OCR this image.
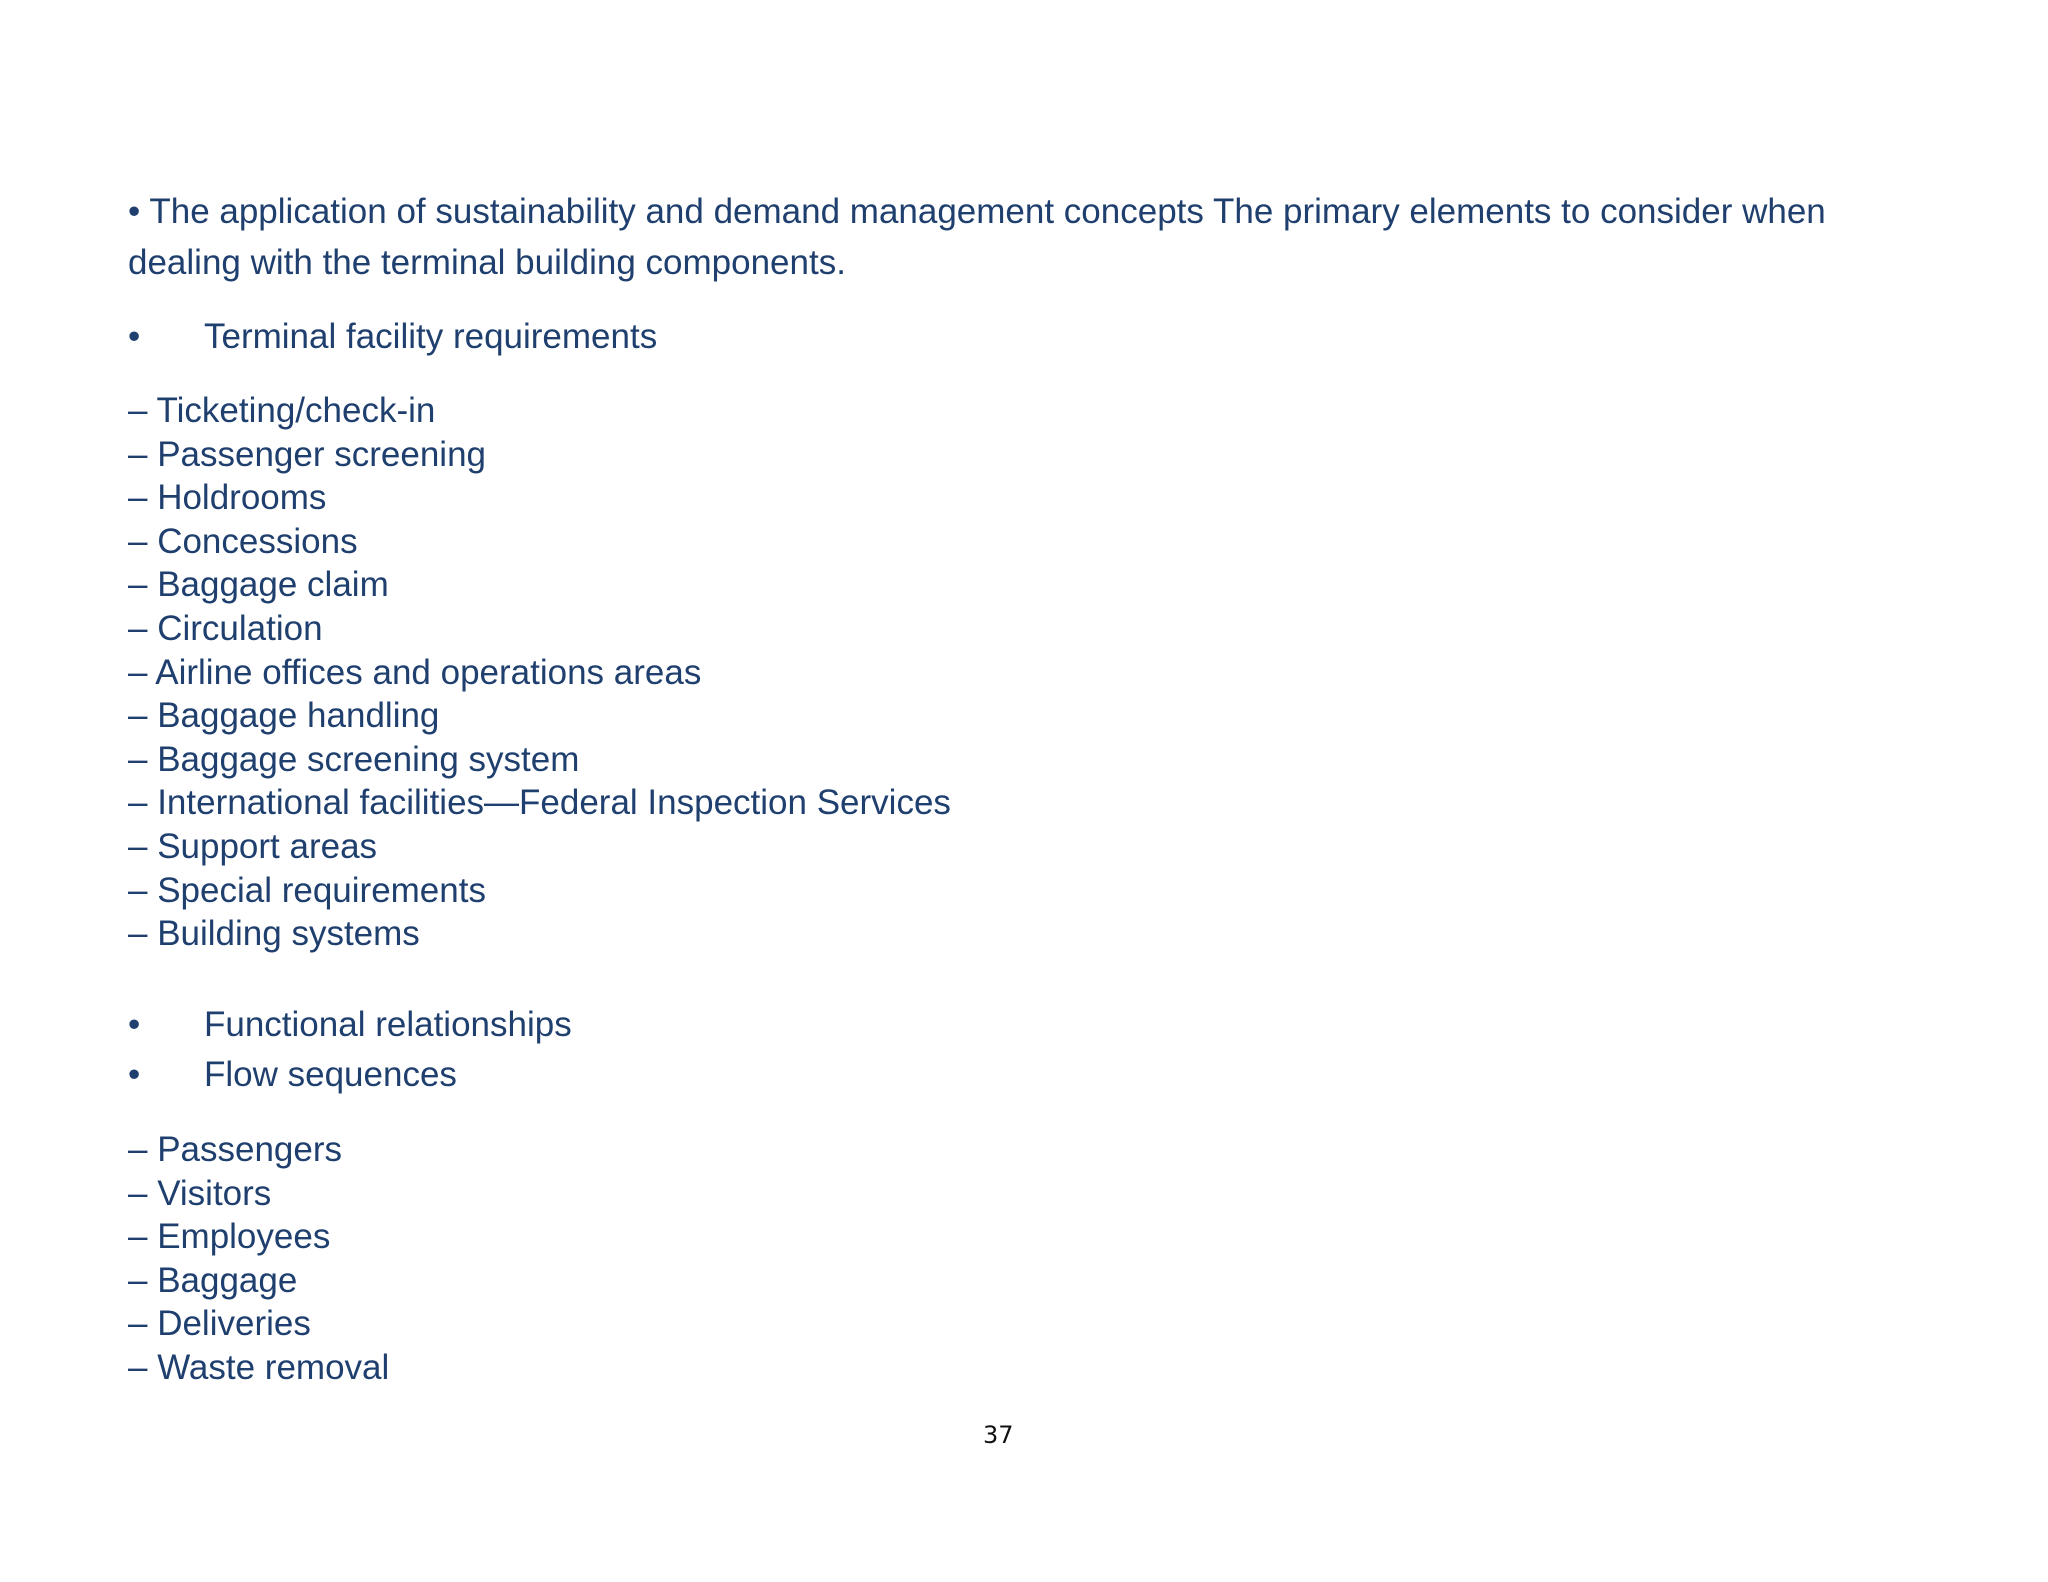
• The application of sustainability and demand management concepts The primary elements to consider when dealing with the terminal building components.

• Terminal facility requirements

– Ticketing/check-in
– Passenger screening
– Holdrooms
– Concessions
– Baggage claim
– Circulation
– Airline offices and operations areas
– Baggage handling
– Baggage screening system
– International facilities—Federal Inspection Services
– Support areas
– Special requirements
– Building systems

• Functional relationships

• Flow sequences

– Passengers
– Visitors
– Employees
– Baggage
– Deliveries
– Waste removal
37
